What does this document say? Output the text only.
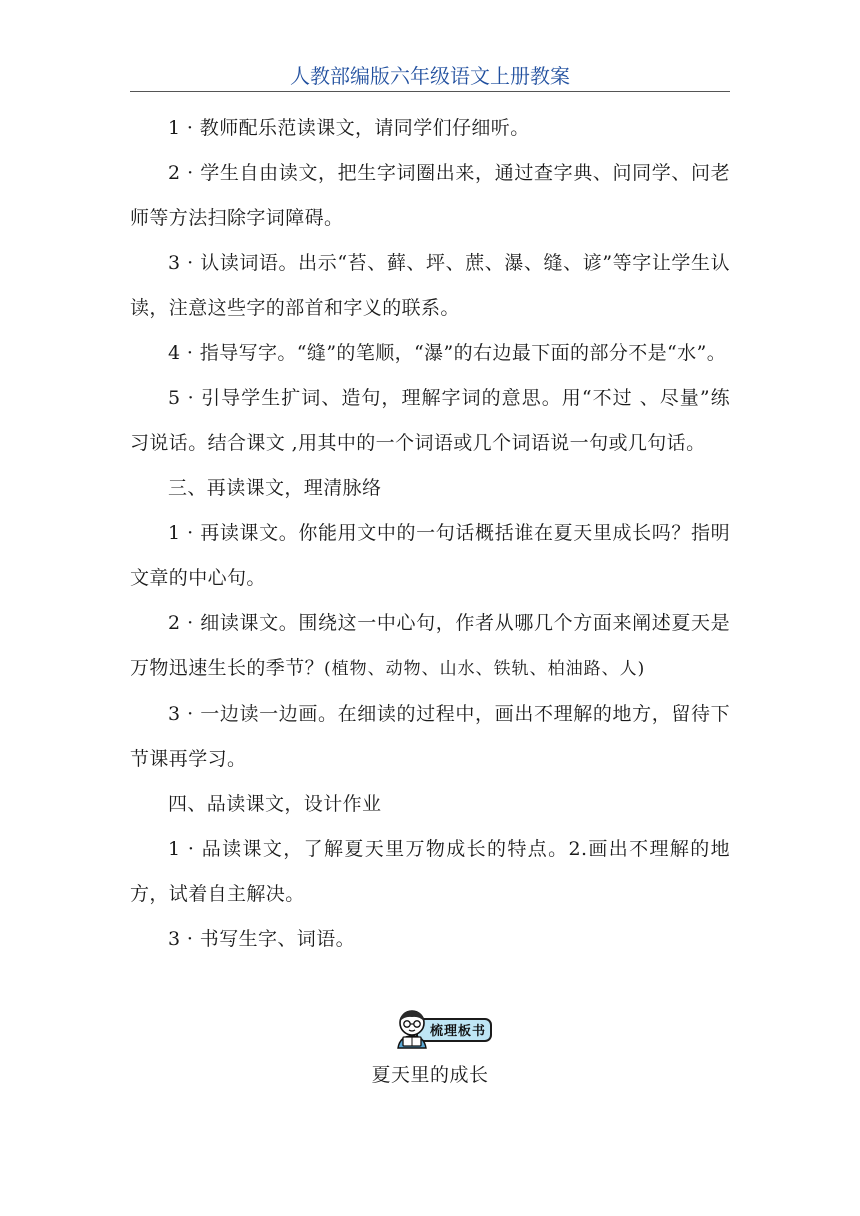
人教部编版六年级语文上册教案

1 · 教师配乐范读课文，请同学们仔细听。

2 · 学生自由读文，把生字词圈出来，通过查字典、问同学、问老师等方法扫除字词障碍。

3 · 认读词语。出示“苔、藓、坪、蔗、瀑、缝、谚”等字让学生认读，注意这些字的部首和字义的联系。

4 · 指导写字。“缝”的笔顺，“瀑”的右边最下面的部分不是“水”。

5 · 引导学生扩词、造句，理解字词的意思。用“不过 、尽量”练习说话。结合课文 ,用其中的一个词语或几个词语说一句或几句话。

三、再读课文，理清脉络

1 · 再读课文。你能用文中的一句话概括谁在夏天里成长吗？指明文章的中心句。

2 · 细读课文。围绕这一中心句，作者从哪几个方面来阐述夏天是万物迅速生长的季节？(植物、动物、山水、铁轨、柏油路、人)

3 · 一边读一边画。在细读的过程中，画出不理解的地方，留待下节课再学习。

四、品读课文，设计作业

1 · 品读课文，了解夏天里万物成长的特点。2.画出不理解的地方，试着自主解决。

3 · 书写生字、词语。

梳理板书
夏天里的成长
